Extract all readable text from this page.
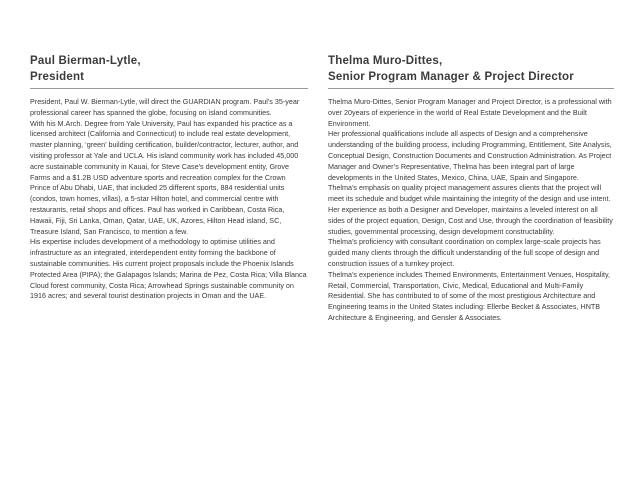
Paul Bierman-Lytle,
President

President, Paul W. Bierman-Lytle, will direct the GUARDIAN program. Paul’s 35-year professional career has spanned the globe, focusing on island communities.

With his M.Arch. Degree from Yale University, Paul has expanded his practice as a licensed architect (California and Connecticut) to include real estate development, master planning, ‘green’ building certification, builder/contractor, lecturer, author, and visiting professor at Yale and UCLA. His island community work has included 45,000 acre sustainable community in Kauai, for Steve Case’s development entity, Grove Farms and a $1.2B USD adventure sports and recreation complex for the Crown Prince of Abu Dhabi, UAE, that included 25 different sports, 884 residential units (condos, town homes, villas), a 5-star Hilton hotel, and commercial centre with restaurants, retail shops and offices. Paul has worked in Caribbean, Costa Rica, Hawaii, Fiji, Sri Lanka, Oman, Qatar, UAE, UK, Azores, Hilton Head island, SC, Treasure Island, San Francisco, to mention a few.

His expertise includes development of a methodology to optimise utilities and infrastructure as an integrated, interdependent entity forming the backbone of sustainable communities. His current project proposals include the Phoenix Islands Protected Area (PIPA); the Galapagos Islands; Marina de Pez, Costa Rica; Villa Blanca Cloud forest community, Costa Rica; Arrowhead Springs sustainable community on 1916 acres; and several tourist destination projects in Oman and the UAE.

Thelma Muro-Dittes,
Senior Program Manager & Project Director

Thelma Muro-Dittes, Senior Program Manager and Project Director, is a professional with over 20years of experience in the world of Real Estate Development and the Built Environment.

Her professional qualifications include all aspects of Design and a comprehensive understanding of the building process, including Programming, Entitlement, Site Analysis, Conceptual Design, Construction Documents and Construction Administration. As Project Manager and Owner’s Representative, Thelma has been integral part of large developments in the United States, Mexico, China, UAE, Spain and Singapore.

Thelma’s emphasis on quality project management assures clients that the project will meet its schedule and budget while maintaining the integrity of the design and use intent. Her experience as both a Designer and Developer, maintains a leveled interest on all sides of the project equation, Design, Cost and Use, through the coordination of feasibility studies, governmental processing, design development constructability.

Thelma’s proficiency with consultant coordination on complex large-scale projects has guided many clients through the difficult understanding of the full scope of design and construction issues of a turnkey project.

Thelma’s experience includes Themed Environments, Entertainment Venues, Hospitality, Retail, Commercial, Transportation, Civic, Medical, Educational and Multi-Family Residential. She has contributed to of some of the most prestigious Architecture and Engineering teams in the United States including: Ellerbe Becket & Associates, HNTB Architecture & Engineering, and Gensler & Associates.
